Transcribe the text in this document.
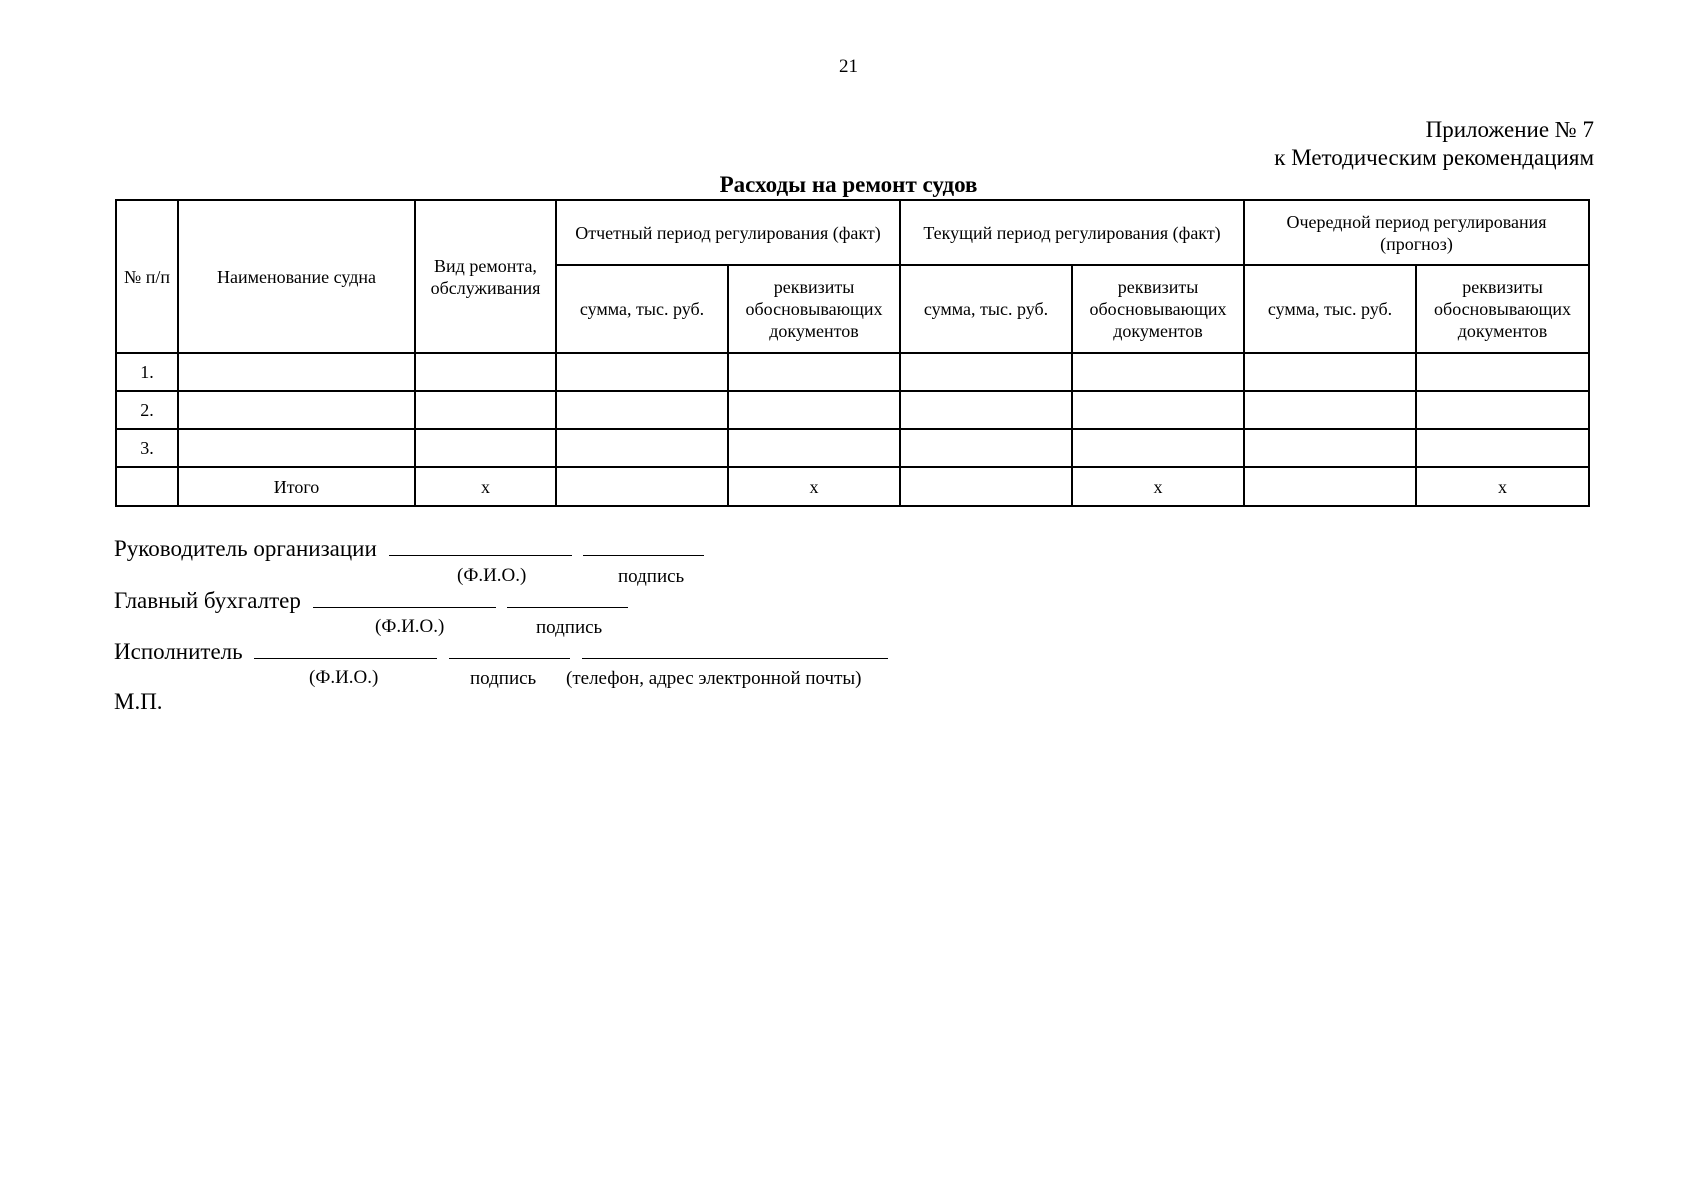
21
Приложение № 7
к Методическим рекомендациям
Расходы на ремонт судов
№ п/п	Наименование судна	Вид ремонта, обслуживания	Отчетный период регулирования (факт)		Текущий период регулирования (факт)		Очередной период регулирования (прогноз)	
			сумма, тыс. руб.	реквизиты обосновывающих документов	сумма, тыс. руб.	реквизиты обосновывающих документов	сумма, тыс. руб.	реквизиты обосновывающих документов
1.								
2.								
3.								
	Итого	х		х		х		х
Руководитель организации
(Ф.И.О.)	подпись
Главный бухгалтер
(Ф.И.О.)	подпись
Исполнитель
(Ф.И.О.)	подпись (телефон, адрес электронной почты)
М.П.
